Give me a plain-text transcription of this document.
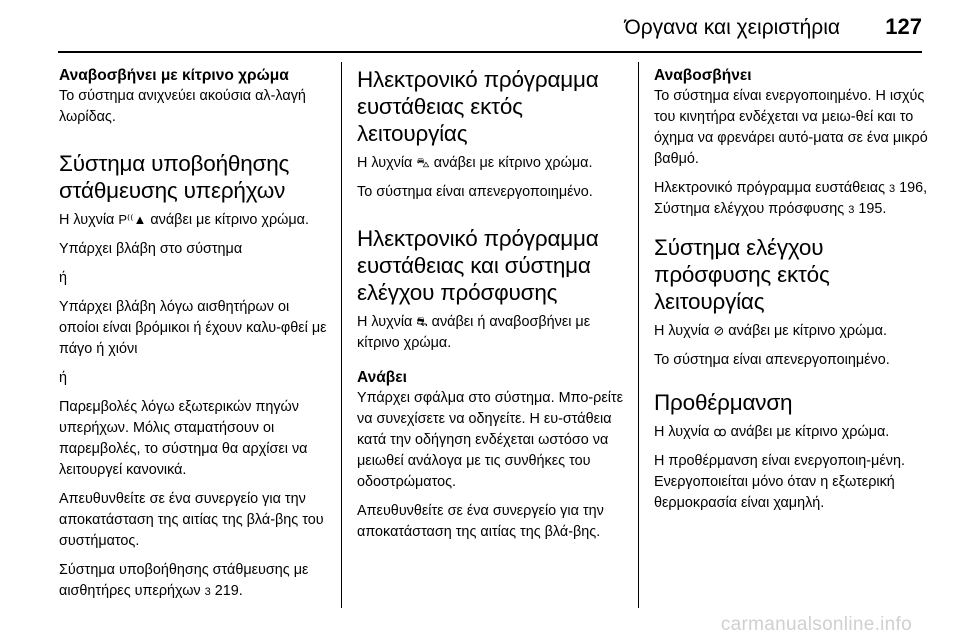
Όργανα και χειριστήρια 127
Αναβοσβήνει με κίτρινο χρώμα

Το σύστημα ανιχνεύει ακούσια αλ-λαγή λωρίδας.

Σύστημα υποβοήθησης στάθμευσης υπερήχων

Η λυχνία P⁽⁽▲ ανάβει με κίτρινο χρώμα.

Υπάρχει βλάβη στο σύστημα

ή

Υπάρχει βλάβη λόγω αισθητήρων οι οποίοι είναι βρόμικοι ή έχουν καλυ-φθεί με πάγο ή χιόνι

ή

Παρεμβολές λόγω εξωτερικών πηγών υπερήχων. Μόλις σταματήσουν οι παρεμβολές, το σύστημα θα αρχίσει να λειτουργεί κανονικά.

Απευθυνθείτε σε ένα συνεργείο για την αποκατάσταση της αιτίας της βλά-βης του συστήματος.

Σύστημα υποβοήθησης στάθμευσης με αισθητήρες υπερήχων 3 219.

Ηλεκτρονικό πρόγραμμα ευστάθειας εκτός λειτουργίας

Η λυχνία ⛍ ανάβει με κίτρινο χρώμα.

Το σύστημα είναι απενεργοποιημένο.

Ηλεκτρονικό πρόγραμμα ευστάθειας και σύστημα ελέγχου πρόσφυσης

Η λυχνία ⛐ ανάβει ή αναβοσβήνει με κίτρινο χρώμα.

Ανάβει

Υπάρχει σφάλμα στο σύστημα. Μπο-ρείτε να συνεχίσετε να οδηγείτε. Η ευ-στάθεια κατά την οδήγηση ενδέχεται ωστόσο να μειωθεί ανάλογα με τις συνθήκες του οδοστρώματος.

Απευθυνθείτε σε ένα συνεργείο για την αποκατάσταση της αιτίας της βλά-βης.

Αναβοσβήνει

Το σύστημα είναι ενεργοποιημένο. Η ισχύς του κινητήρα ενδέχεται να μειω-θεί και το όχημα να φρενάρει αυτό-ματα σε ένα μικρό βαθμό.

Ηλεκτρονικό πρόγραμμα ευστάθειας 3 196, Σύστημα ελέγχου πρόσφυσης 3 195.

Σύστημα ελέγχου πρόσφυσης εκτός λειτουργίας

Η λυχνία ⊘ ανάβει με κίτρινο χρώμα.

Το σύστημα είναι απενεργοποιημένο.

Προθέρμανση

Η λυχνία ꝏ ανάβει με κίτρινο χρώμα.

Η προθέρμανση είναι ενεργοποιη-μένη. Ενεργοποιείται μόνο όταν η εξωτερική θερμοκρασία είναι χαμηλή.

carmanualsonline.info
